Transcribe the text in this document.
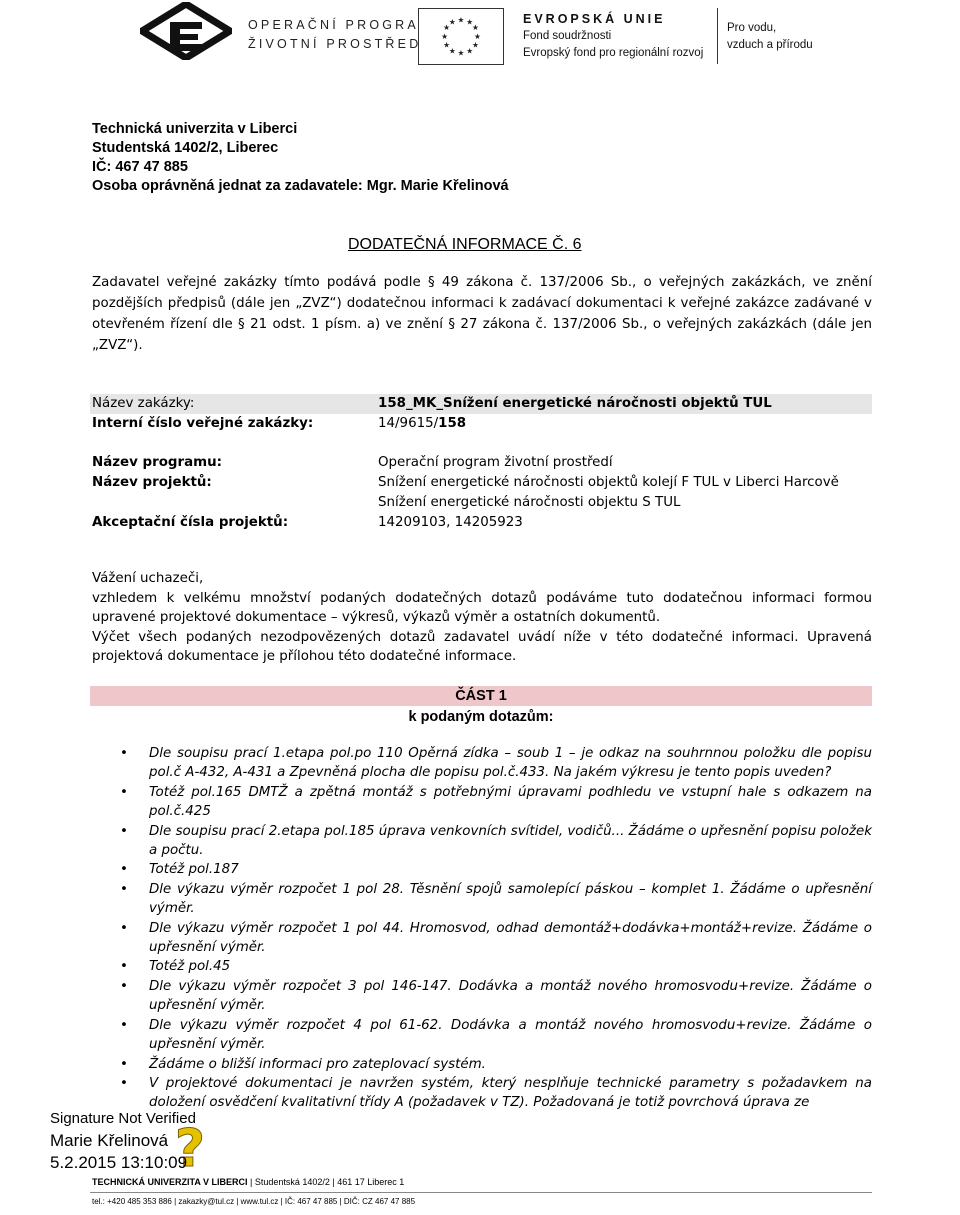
OPERAČNÍ PROGRAM
ŽIVOTNÍ PROSTŘEDÍ
★ ★
★
★
★
★
★
★
★
★
★
★	EVROPSKÁ UNIE
Fond soudržnosti
Evropský fond pro regionální rozvoj
Pro vodu,
vzduch a přírodu
Technická univerzita v Liberci
Studentská 1402/2, Liberec
IČ: 467 47 885
Osoba oprávněná jednat za zadavatele: Mgr. Marie Křelinová
DODATEČNÁ INFORMACE Č. 6
Zadavatel veřejné zakázky tímto podává podle § 49 zákona č. 137/2006 Sb., o veřejných zakázkách, ve znění pozdějších předpisů (dále jen „ZVZ“) dodatečnou informaci k zadávací dokumentaci k veřejné zakázce zadávané v otevřeném řízení dle § 21 odst. 1 písm. a) ve znění § 27 zákona č. 137/2006 Sb., o veřejných zakázkách (dále jen „ZVZ“).
Název zakázky:	158_MK_Snížení energetické náročnosti objektů TUL
Interní číslo veřejné zakázky:	14/9615/158
Název programu:	Operační program životní prostředí
Název projektů:	Snížení energetické náročnosti objektů kolejí F TUL v Liberci Harcově
Snížení energetické náročnosti objektu S TUL
Akceptační čísla projektů:	14209103, 14205923
Vážení uchazeči,
vzhledem k velkému množství podaných dodatečných dotazů podáváme tuto dodatečnou informaci formou upravené projektové dokumentace – výkresů, výkazů výměr a ostatních dokumentů.
Výčet všech podaných nezodpovězených dotazů zadavatel uvádí níže v této dodatečné informaci. Upravená projektová dokumentace je přílohou této dodatečné informace.
ČÁST 1
k podaným dotazům:
• Dle soupisu prací 1.etapa pol.po 110 Opěrná zídka – soub 1 – je odkaz na souhrnnou položku dle popisu pol.č A-432, A-431 a Zpevněná plocha dle popisu pol.č.433. Na jakém výkresu je tento popis uveden?
• Totéž pol.165 DMTŽ a zpětná montáž s potřebnými úpravami podhledu ve vstupní hale s odkazem na pol.č.425
• Dle soupisu prací 2.etapa pol.185 úprava venkovních svítidel, vodičů... Žádáme o upřesnění popisu položek a počtu.
• Totéž pol.187
• Dle výkazu výměr rozpočet 1 pol 28. Těsnění spojů samolepící páskou – komplet 1. Žádáme o upřesnění výměr.
• Dle výkazu výměr rozpočet 1 pol 44. Hromosvod, odhad demontáž+dodávka+montáž+revize. Žádáme o upřesnění výměr.
• Totéž pol.45
• Dle výkazu výměr rozpočet 3 pol 146-147. Dodávka a montáž nového hromosvodu+revize. Žádáme o upřesnění výměr.
• Dle výkazu výměr rozpočet 4 pol 61-62. Dodávka a montáž nového hromosvodu+revize. Žádáme o upřesnění výměr.
• Žádáme o bližší informaci pro zateplovací systém.
• V projektové dokumentaci je navržen systém, který nesplňuje technické parametry s požadavkem na doložení osvědčení kvalitativní třídy A (požadavek v TZ). Požadovaná je totiž povrchová úprava ze
?
Signature Not Verified
Marie Křelinová
5.2.2015 13:10:09
TECHNICKÁ UNIVERZITA V LIBERCI | Studentská 1402/2 | 461 17 Liberec 1
tel.: +420 485 353 886 | zakazky@tul.cz | www.tul.cz | IČ: 467 47 885 | DIČ: CZ 467 47 885
